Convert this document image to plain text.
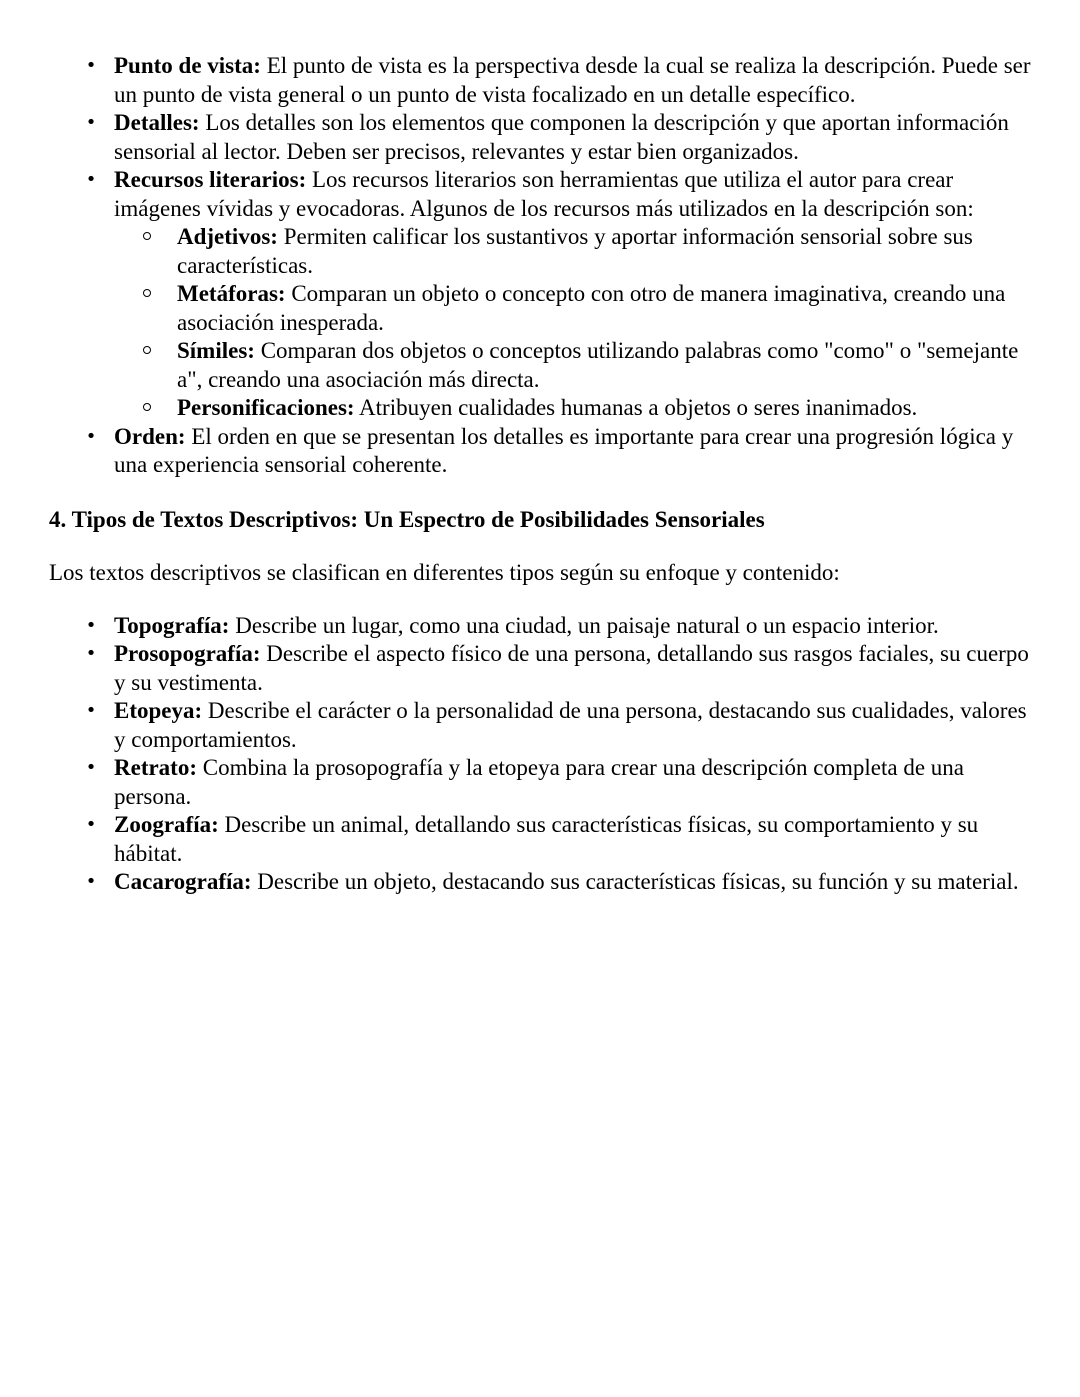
• Punto de vista: El punto de vista es la perspectiva desde la cual se realiza la descripción. Puede ser un punto de vista general o un punto de vista focalizado en un detalle específico.
• Detalles: Los detalles son los elementos que componen la descripción y que aportan información sensorial al lector. Deben ser precisos, relevantes y estar bien organizados.
• Recursos literarios: Los recursos literarios son herramientas que utiliza el autor para crear imágenes vívidas y evocadoras. Algunos de los recursos más utilizados en la descripción son:
Adjetivos: Permiten calificar los sustantivos y aportar información sensorial sobre sus características.
Metáforas: Comparan un objeto o concepto con otro de manera imaginativa, creando una asociación inesperada.
Símiles: Comparan dos objetos o conceptos utilizando palabras como "como" o "semejante a", creando una asociación más directa.
Personificaciones: Atribuyen cualidades humanas a objetos o seres inanimados.
• Orden: El orden en que se presentan los detalles es importante para crear una progresión lógica y una experiencia sensorial coherente.
4. Tipos de Textos Descriptivos: Un Espectro de Posibilidades Sensoriales
Los textos descriptivos se clasifican en diferentes tipos según su enfoque y contenido:
• Topografía: Describe un lugar, como una ciudad, un paisaje natural o un espacio interior.
• Prosopografía: Describe el aspecto físico de una persona, detallando sus rasgos faciales, su cuerpo y su vestimenta.
• Etopeya: Describe el carácter o la personalidad de una persona, destacando sus cualidades, valores y comportamientos.
• Retrato: Combina la prosopografía y la etopeya para crear una descripción completa de una persona.
• Zoografía: Describe un animal, detallando sus características físicas, su comportamiento y su hábitat.
• Cacarografía: Describe un objeto, destacando sus características físicas, su función y su material.
